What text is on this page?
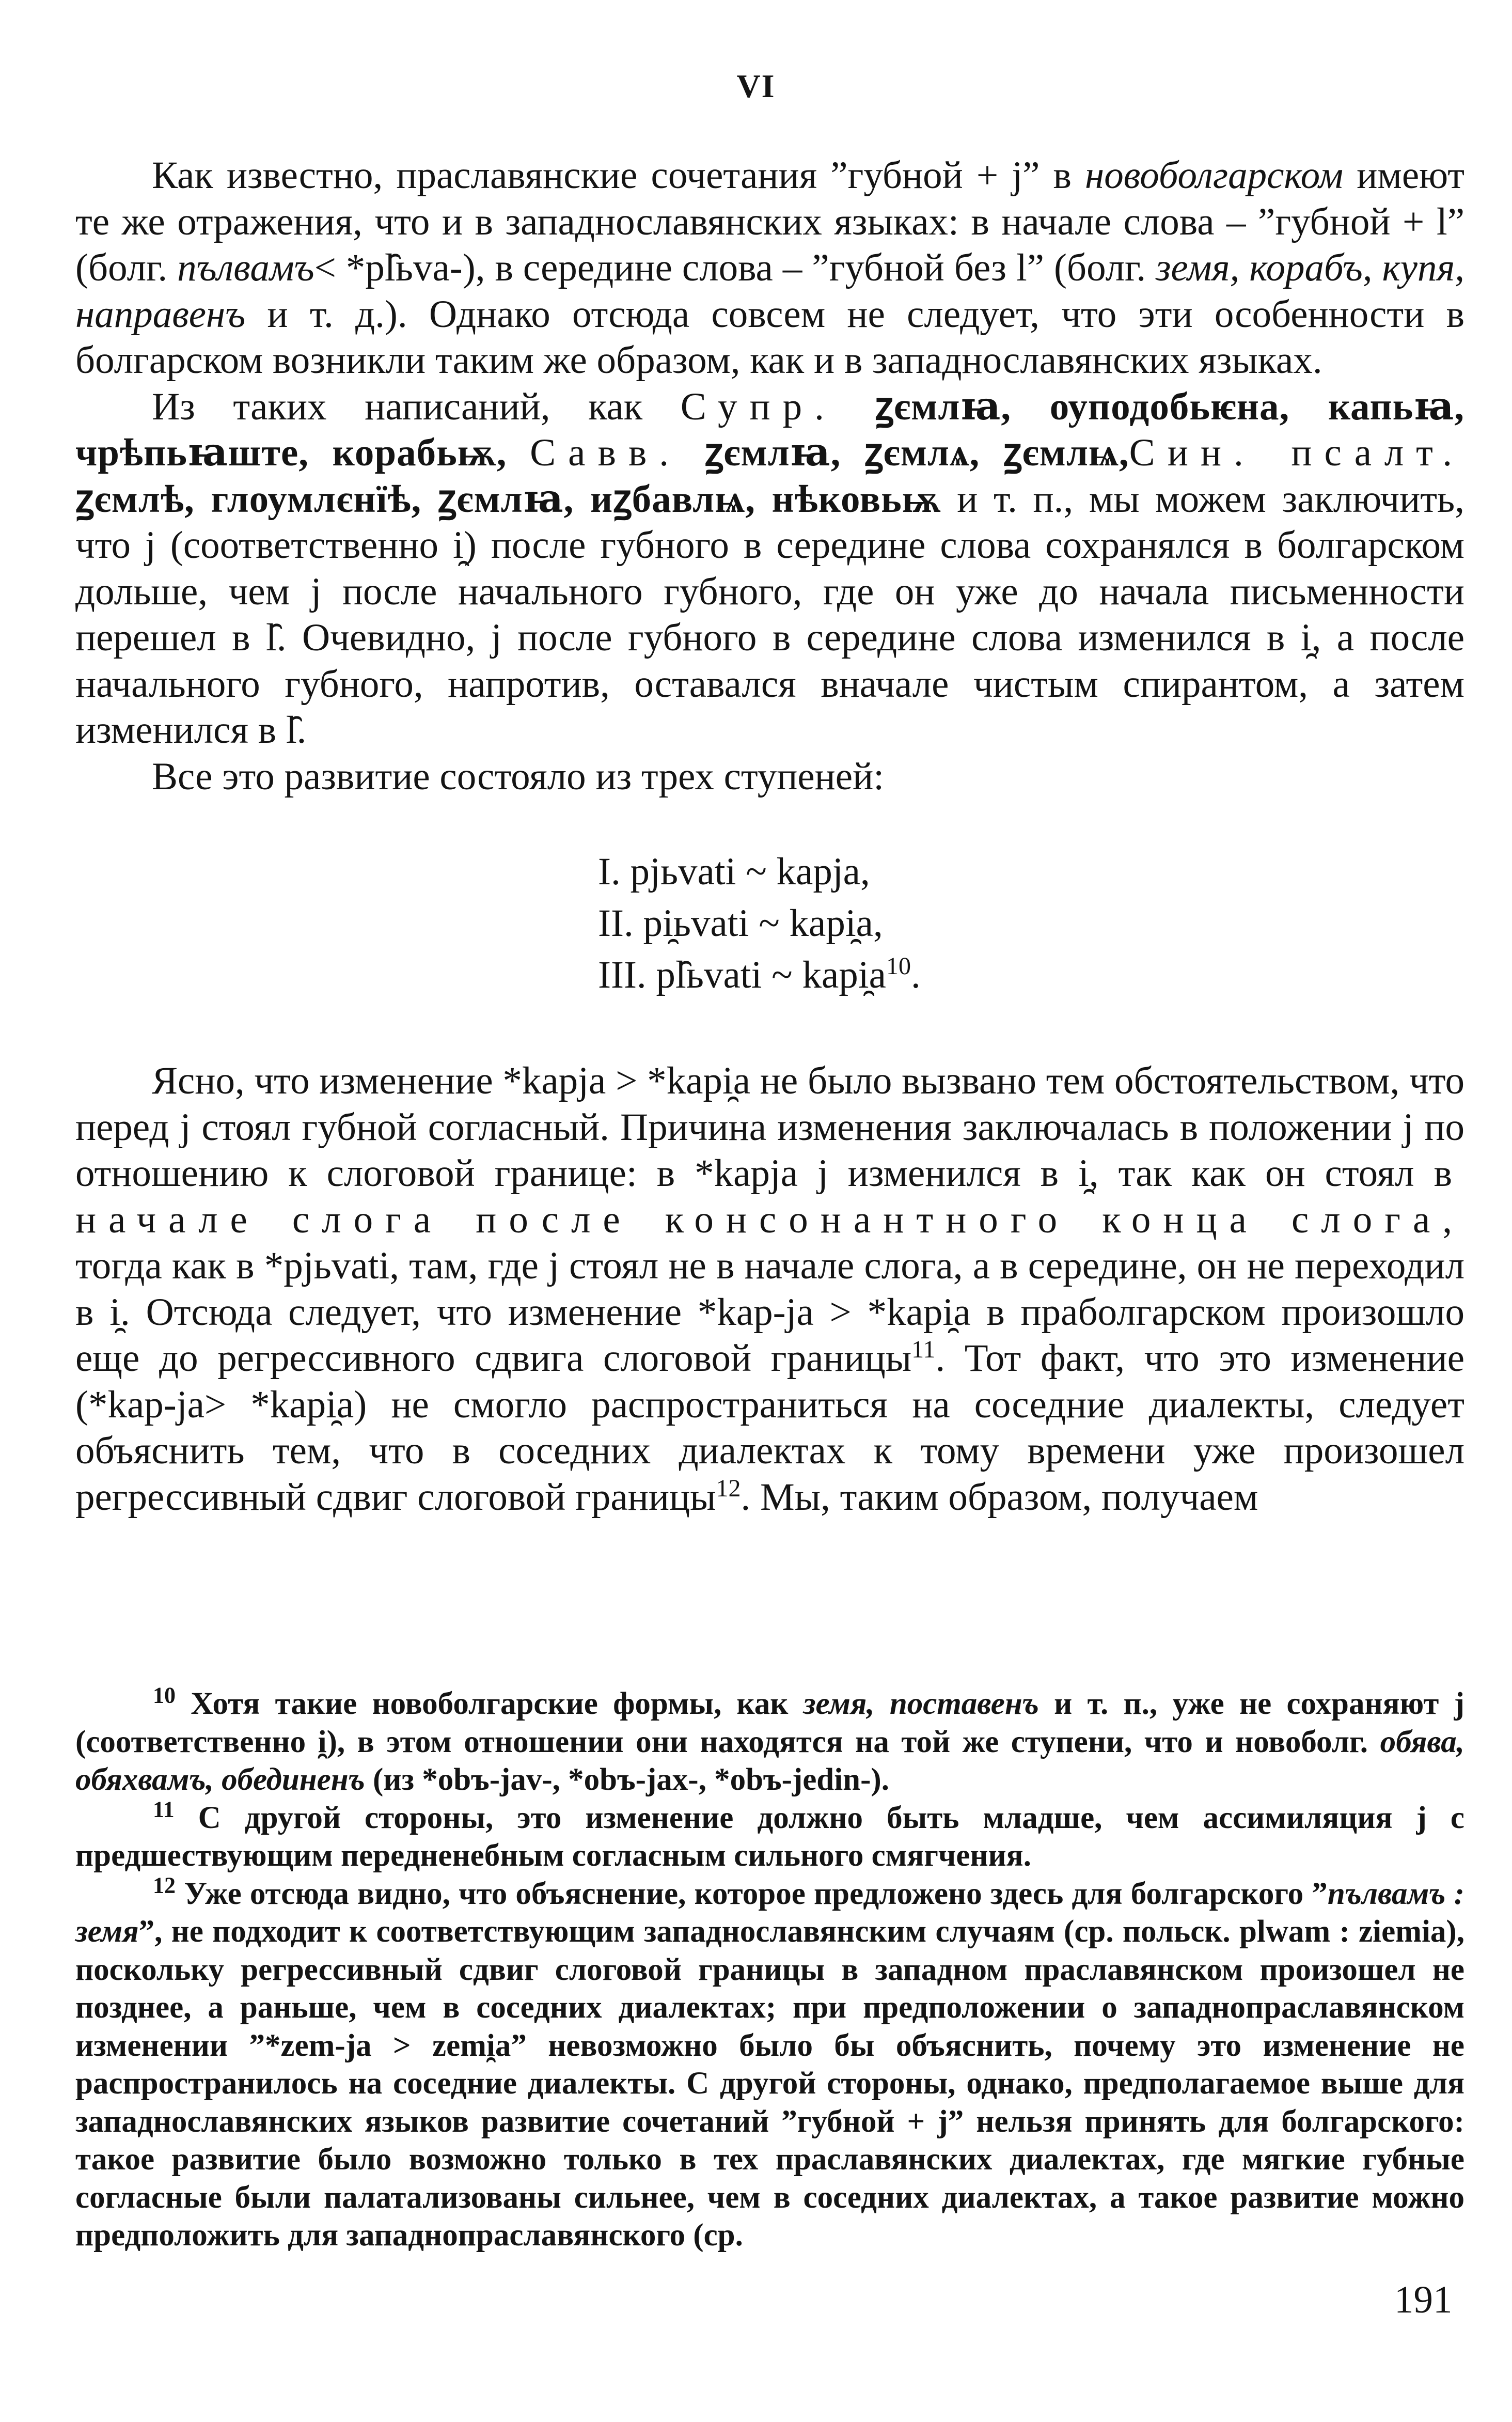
VI

Как известно, праславянские сочетания ”губной + j” в новоболгарском имеют те же отражения, что и в западнославянских языках: в начале слова – ”губной + l” (болг. пълвамъ< *pl̑ьva-), в середине слова – ”губной без l” (болг. земя, корабъ, купя, направенъ и т. д.). Однако отсюда совсем не следует, что эти особенности в болгарском возникли таким же образом, как и в западнославянских языках.

Из таких написаний, как Супр. ꙁємлꙗ, оуподобьѥна, капьꙗ, чрѣпьꙗште, корабьѭ, Савв. ꙁємлꙗ, ꙁємлѧ, ꙁємлѩ,Син. псалт. ꙁємлѣ, глоумлєнїѣ, ꙁємлꙗ, иꙁбавлѩ, нѣковьѭ и т. п., мы можем заключить, что j (соответственно i̯) после губного в середине слова сохранялся в болгарском дольше, чем j после начального губного, где он уже до начала письменности перешел в l̑. Очевидно, j после губного в середине слова изменился в i̯, а после начального губного, напротив, оставался вначале чистым спирантом, а затем изменился в l̑.

Все это развитие состояло из трех ступеней:

I. pjьvati ~ kapja,
II. pi̯ьvati ~ kapi̯a,
III. pl̑ьvati ~ $kapi̯a^{10}$.

Ясно, что изменение *kapja > *kapi̯a не было вызвано тем обстоятельством, что перед j стоял губной согласный. Причина изменения заключалась в положении j по отношению к слоговой границе: в *kapja j изменился в i̯, так как он стоял в начале слога после консонантного конца слога, тогда как в *pjьvati, там, где j стоял не в начале слога, а в середине, он не переходил в i̯. Отсюда следует, что изменение *kap-ja > *kapi̯a в праболгарском произошло еще до регрессивного сдвига слоговой границы$^{11}$. Тот факт, что это изменение (*kap-ja> *kapi̯a) не смогло распространиться на соседние диалекты, следует объяснить тем, что в соседних диалектах к тому времени уже произошел регрессивный сдвиг слоговой границы$^{12}$. Мы, таким образом, получаем

$^{10}$ Хотя такие новоболгарские формы, как земя, поставенъ и т. п., уже не сохраняют j (соответственно i̯), в этом отношении они находятся на той же ступени, что и новоболг. обява, обяхвамъ, обединенъ (из *obъ-jav-, *obъ-jax-, *obъ-jedin-).

$^{11}$ С другой стороны, это изменение должно быть младше, чем ассимиляция j с предшествующим передненебным согласным сильного смягчения.

$^{12}$ Уже отсюда видно, что объяснение, которое предложено здесь для болгарского ”пълвамъ : земя”, не подходит к соответствующим западнославянским случаям (ср. польск. plwam : ziemia), поскольку регрессивный сдвиг слоговой границы в западном праславянском произошел не позднее, а раньше, чем в соседних диалектах; при предположении о западнопраславянском изменении ”*zem-ja > zemi̯a” невозможно было бы объяснить, почему это изменение не распространилось на соседние диалекты. С другой стороны, однако, предполагаемое выше для западнославянских языков развитие сочетаний ”губной + j” нельзя принять для болгарского: такое развитие было возможно только в тех праславянских диалектах, где мягкие губные согласные были палатализованы сильнее, чем в соседних диалектах, а такое развитие можно предположить для западнопраславянского (ср.

191
